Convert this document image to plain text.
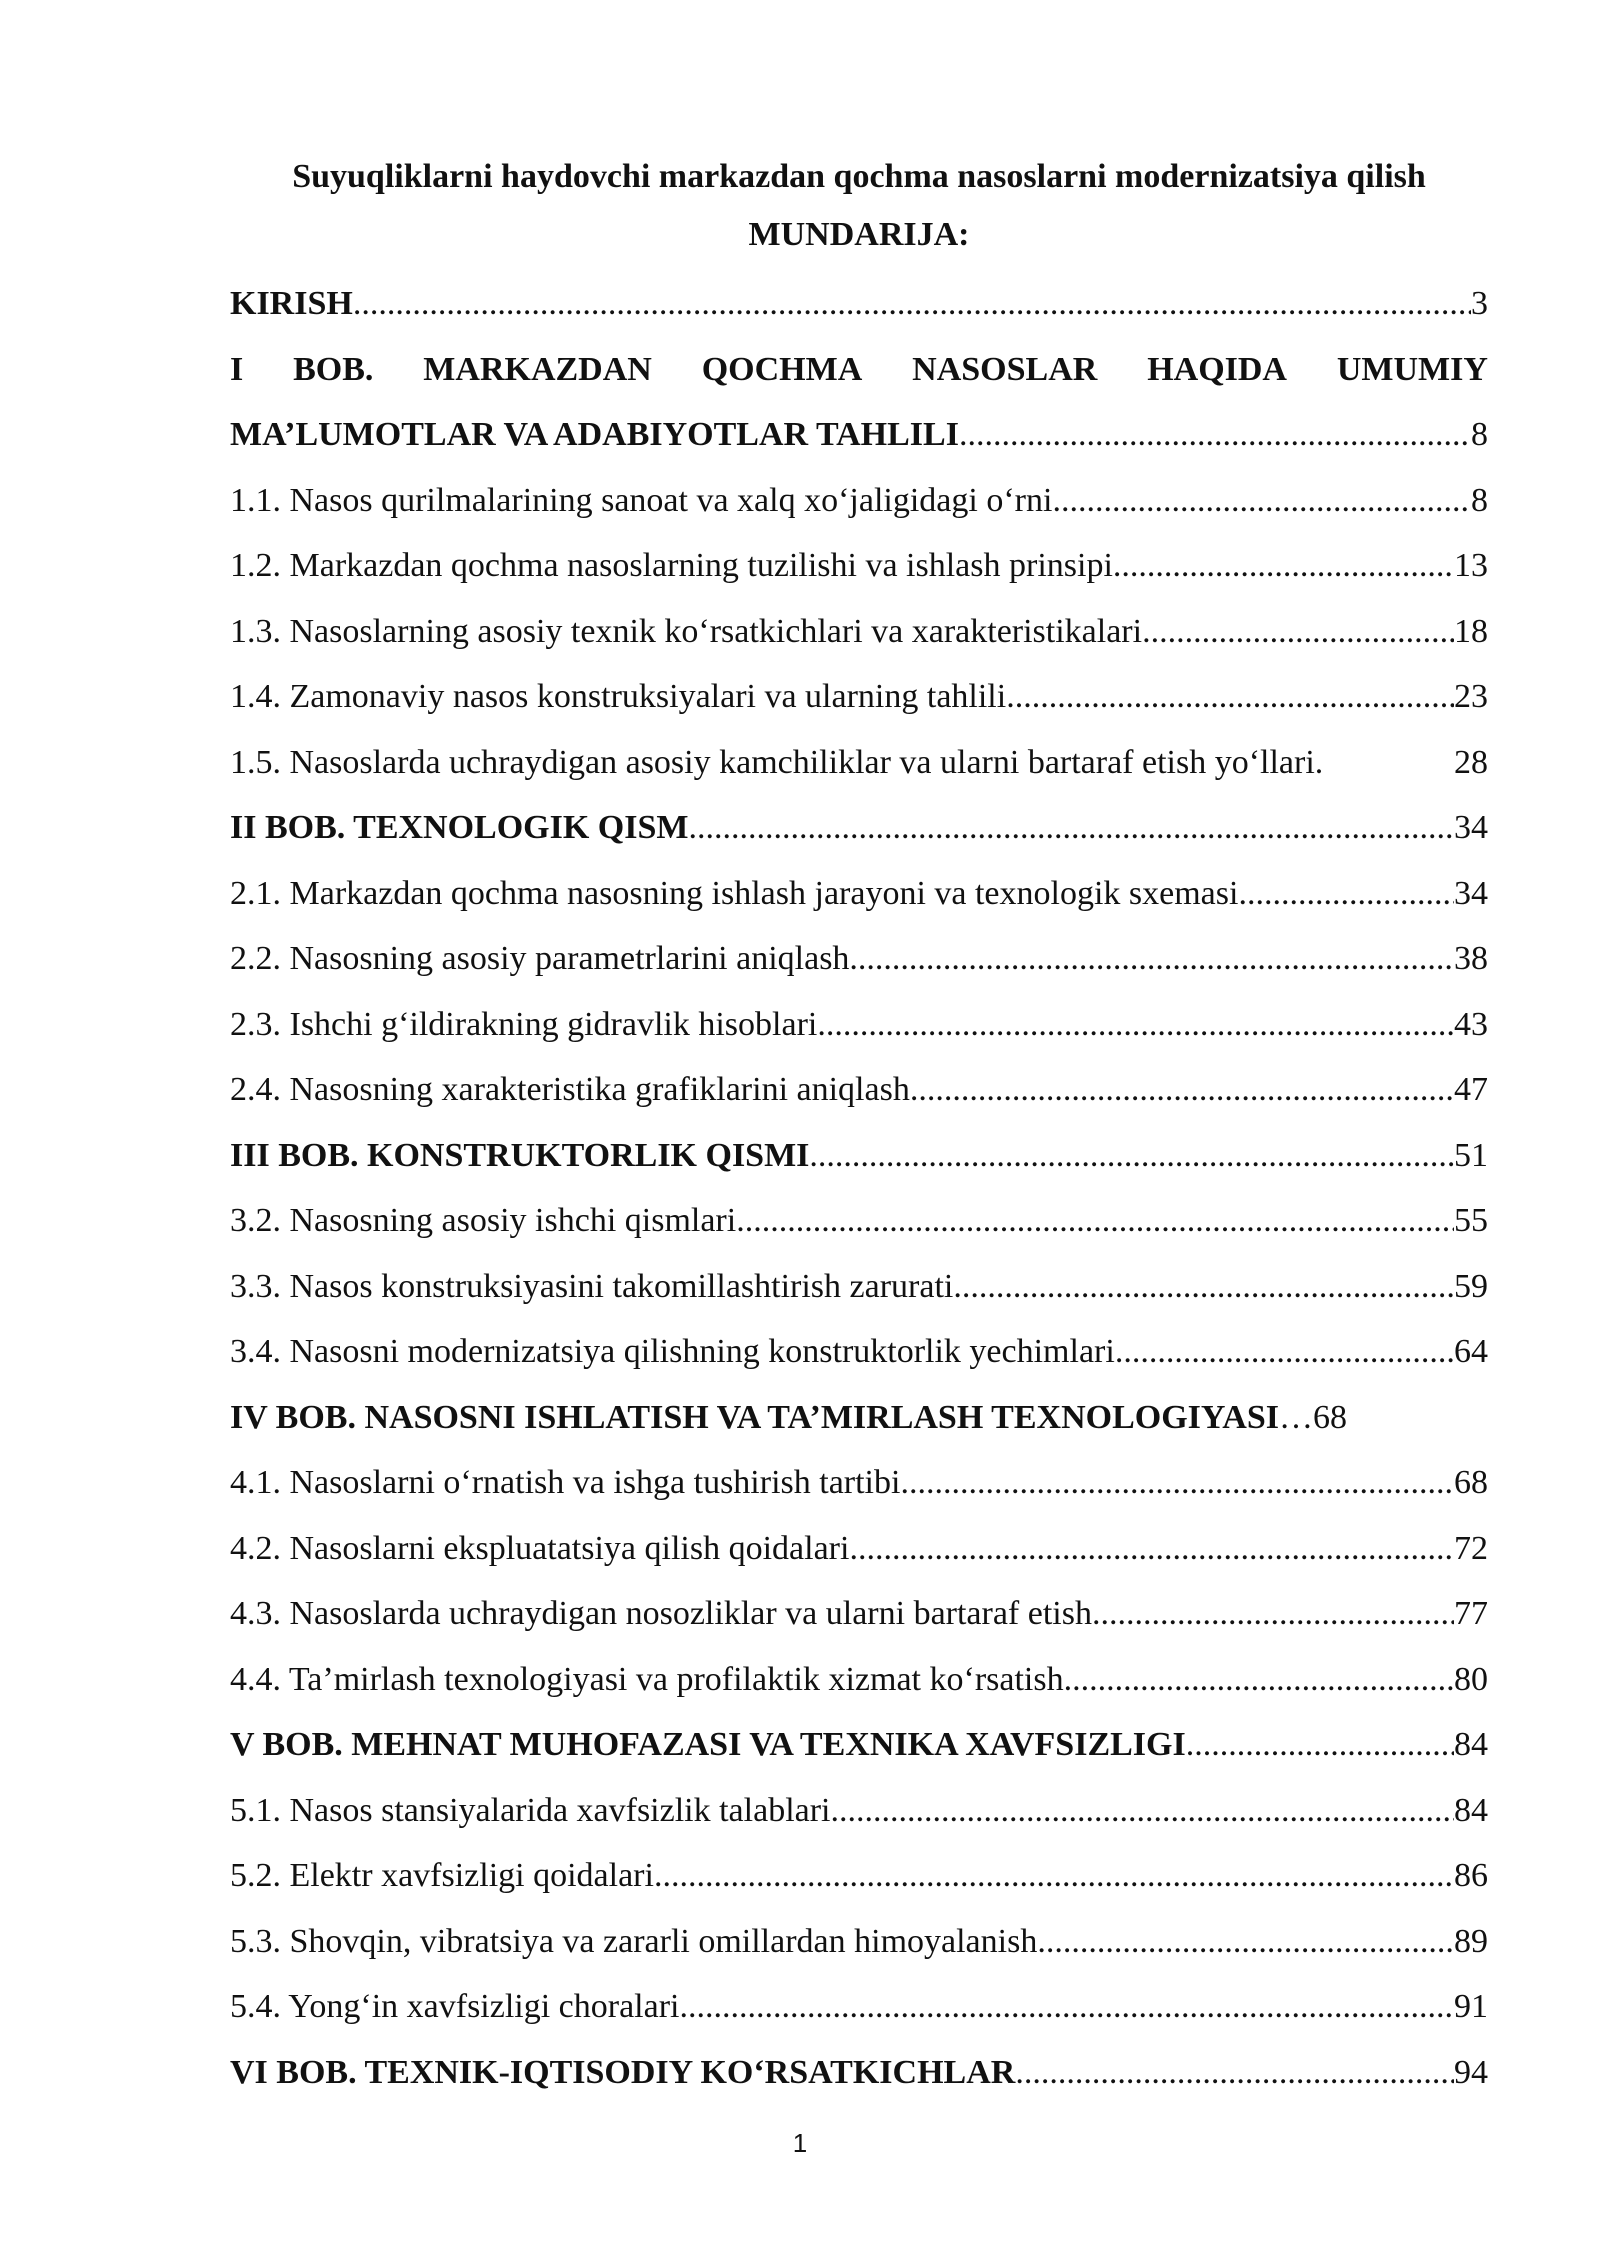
Suyuqliklarni haydovchi markazdan qochma nasoslarni modernizatsiya qilish
MUNDARIJA:
KIRISH .....	3
I BOB. MARKAZDAN QOCHMA NASOSLAR HAQIDA UMUMIY
MA’LUMOTLAR VA ADABIYOTLAR TAHLILI .....	8
1.1. Nasos qurilmalarining sanoat va xalq xo‘jaligidagi o‘rni .....	8
1.2. Markazdan qochma nasoslarning tuzilishi va ishlash prinsipi .....	13
1.3. Nasoslarning asosiy texnik ko‘rsatkichlari va xarakteristikalari .....	18
1.4. Zamonaviy nasos konstruksiyalari va ularning tahlili .....	23
1.5. Nasoslarda uchraydigan asosiy kamchiliklar va ularni bartaraf etish yo‘llari.	28
II BOB. TEXNOLOGIK QISM .....	34
2.1. Markazdan qochma nasosning ishlash jarayoni va texnologik sxemasi .....	34
2.2. Nasosning asosiy parametrlarini aniqlash .....	38
2.3. Ishchi g‘ildirakning gidravlik hisoblari .....	43
2.4. Nasosning xarakteristika grafiklarini aniqlash .....	47
III BOB. KONSTRUKTORLIK QISMI .....	51
3.2. Nasosning asosiy ishchi qismlari .....	55
3.3. Nasos konstruksiyasini takomillashtirish zarurati .....	59
3.4. Nasosni modernizatsiya qilishning konstruktorlik yechimlari .....	64
IV BOB. NASOSNI ISHLATISH VA TA’MIRLASH TEXNOLOGIYASI … 68
4.1. Nasoslarni o‘rnatish va ishga tushirish tartibi .....	68
4.2. Nasoslarni ekspluatatsiya qilish qoidalari .....	72
4.3. Nasoslarda uchraydigan nosozliklar va ularni bartaraf etish .....	77
4.4. Ta’mirlash texnologiyasi va profilaktik xizmat ko‘rsatish .....	80
V BOB. MEHNAT MUHOFAZASI VA TEXNIKA XAVFSIZLIGI .....	84
5.1. Nasos stansiyalarida xavfsizlik talablari .....	84
5.2. Elektr xavfsizligi qoidalari .....	86
5.3. Shovqin, vibratsiya va zararli omillardan himoyalanish .....	89
5.4. Yong‘in xavfsizligi choralari .....	91
VI BOB. TEXNIK-IQTISODIY KO‘RSATKICHLAR .....	94
1
